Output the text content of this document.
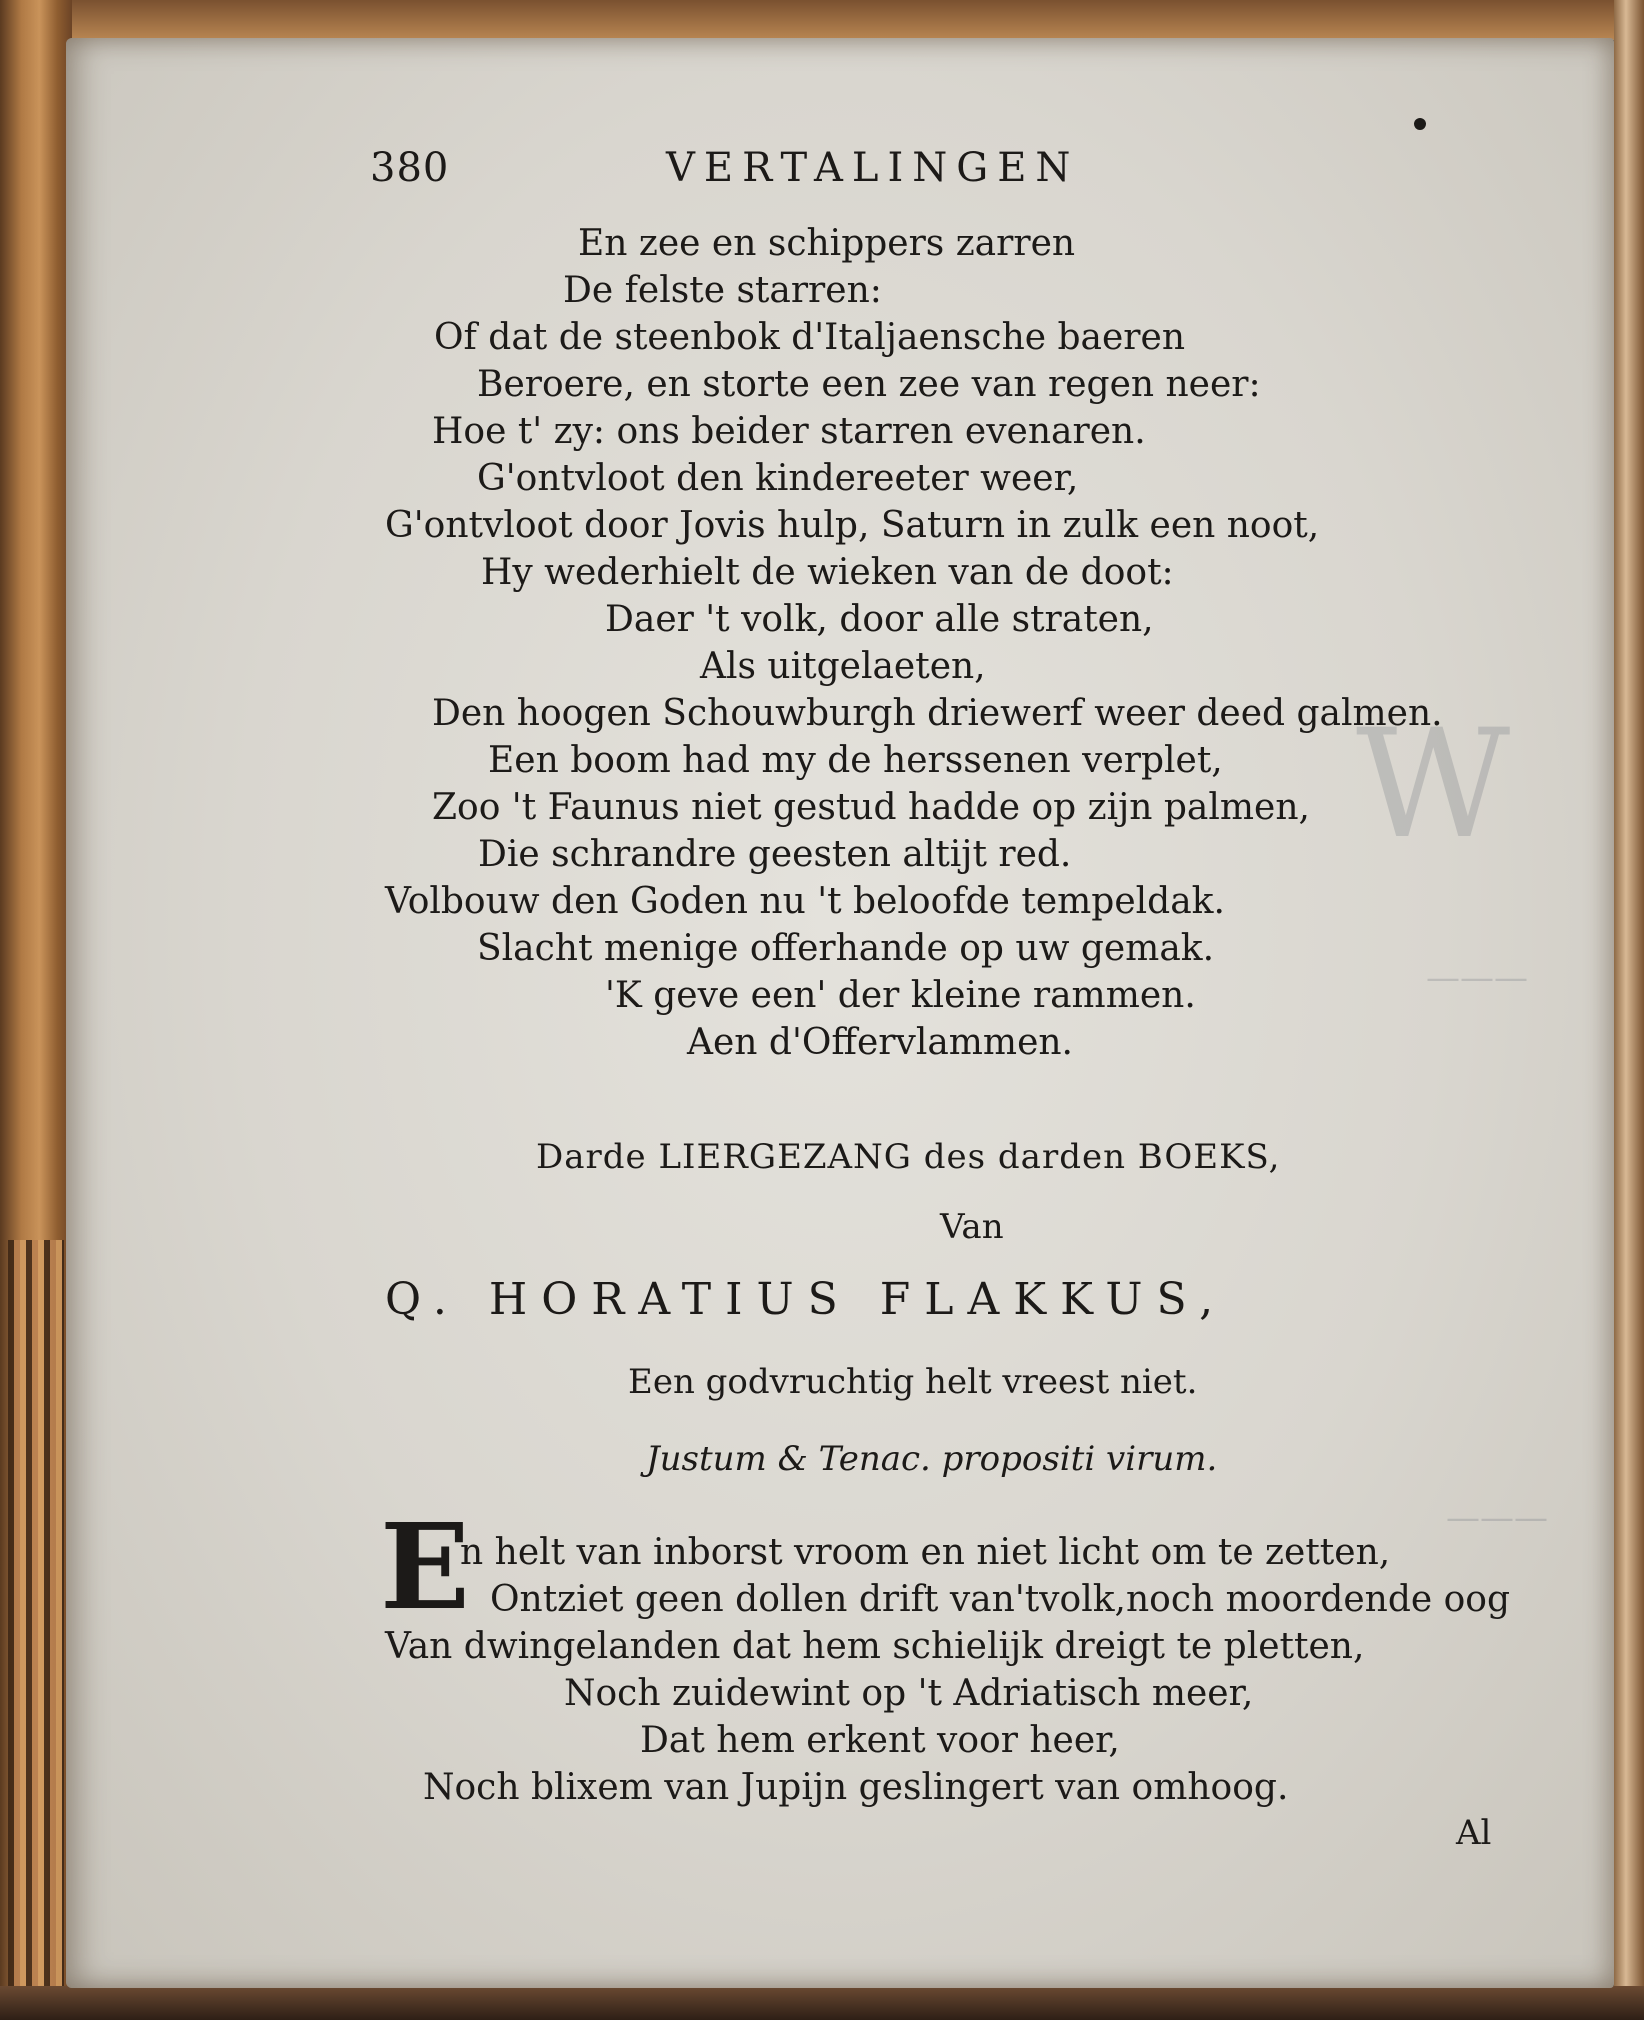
W
———
———
380	VERTALINGEN
En zee en schippers zarren
De felste starren:
Of dat de steenbok d'Italjaensche baeren
Beroere, en storte een zee van regen neer:
Hoe t' zy: ons beider starren evenaren.
G'ontvloot den kindereeter weer,
G'ontvloot door Jovis hulp, Saturn in zulk een noot,
Hy wederhielt de wieken van de doot:
Daer 't volk, door alle straten,
Als uitgelaeten,
Den hoogen Schouwburgh driewerf weer deed galmen.
Een boom had my de herssenen verplet,
Zoo 't Faunus niet gestud hadde op zijn palmen,
Die schrandre geesten altijt red.
Volbouw den Goden nu 't beloofde tempeldak.
Slacht menige offerhande op uw gemak.
'K geve een' der kleine rammen.
Aen d'Offervlammen.
Darde LIERGEZANG des darden BOEKS,
Van
Q. HORATIUS FLAKKUS,
Een godvruchtig helt vreest niet.
Justum & Tenac. propositi virum.
E
n helt van inborst vroom en niet licht om te zetten,
Ontziet geen dollen drift van'tvolk,noch moordende oog
Van dwingelanden dat hem schielijk dreigt te pletten,
Noch zuidewint op 't Adriatisch meer,
Dat hem erkent voor heer,
Noch blixem van Jupijn geslingert van omhoog.
Al
